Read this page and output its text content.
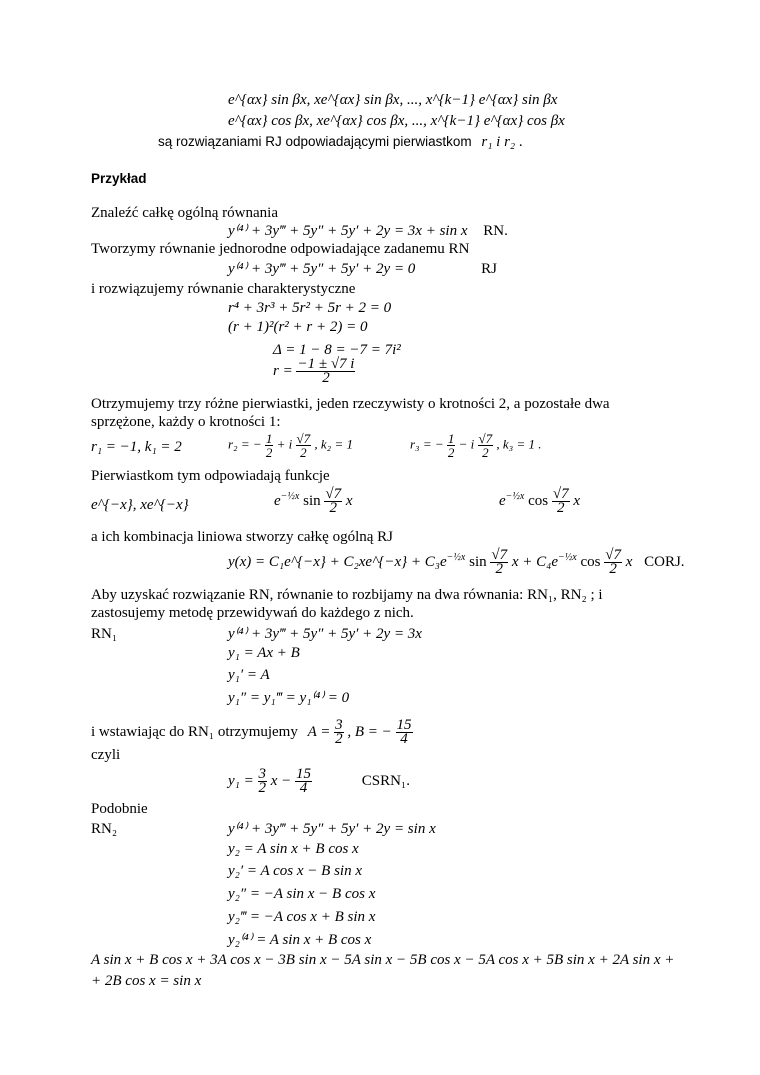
e^{αx} sin βx, xe^{αx} sin βx, ..., x^{k−1} e^{αx} sin βx
e^{αx} cos βx, xe^{αx} cos βx, ..., x^{k−1} e^{αx} cos βx
są rozwiązaniami RJ odpowiadającymi pierwiastkom r₁ i r₂ .
Przykład
Znaleźć całkę ogólną równania
y⁽⁴⁾ + 3y‴ + 5y″ + 5y′ + 2y = 3x + sin x RN.
Tworzymy równanie jednorodne odpowiadające zadanemu RN
y⁽⁴⁾ + 3y‴ + 5y″ + 5y′ + 2y = 0	RJ
i rozwiązujemy równanie charakterystyczne
r⁴ + 3r³ + 5r² + 5r + 2 = 0
(r + 1)²(r² + r + 2) = 0
Δ = 1 − 8 = −7 = 7i²
$r = \frac{-1 \pm √7 i}{2}$
Otrzymujemy trzy różne pierwiastki, jeden rzeczywisty o krotności 2, a pozostałe dwa
sprzężone, każdy o krotności 1:
r₁ = −1, k₁ = 2	r₂ = − $\frac{1}{2} + i \frac{√7}{2}$ , k₂ = 1	r₃ = − $\frac{1}{2} - i \frac{√7}{2}$ , k₃ = 1 .
Pierwiastkom tym odpowiadają funkcje
e^{−x}, xe^{−x}	$e^{-\frac{1}{2}x}$ $\sin \frac{√7}{2}$ x	$e^{-\frac{1}{2}x}$ $\cos \frac{√7}{2}$ x
a ich kombinacja liniowa stworzy całkę ogólną RJ
y(x) = C₁e^{−x} + C₂xe^{−x} + $C_3e^{-\frac{1}{2}x}$ $\sin \frac{√7}{2}$ $x + C_4e^{-\frac{1}{2}x}$ $\cos \frac{√7}{2}$ x CORJ.
Aby uzyskać rozwiązanie RN, równanie to rozbijamy na dwa równania: RN₁, RN₂ ; i
zastosujemy metodę przewidywań do każdego z nich.
RN₁	y⁽⁴⁾ + 3y‴ + 5y″ + 5y′ + 2y = 3x
y₁ = Ax + B
y₁′ = A
y₁″ = y₁‴ = y₁⁽⁴⁾ = 0
i wstawiając do RN₁ otrzymujemy $A = \frac{3}{2}$ , B = − $\frac{15}{4}$
czyli
$y_1 = \frac{3}{2}$ $x - \frac{15}{4}$	CSRN₁.
Podobnie
RN₂	y⁽⁴⁾ + 3y‴ + 5y″ + 5y′ + 2y = sin x
y₂ = A sin x + B cos x
y₂′ = A cos x − B sin x
y₂″ = −A sin x − B cos x
y₂‴ = −A cos x + B sin x
y₂⁽⁴⁾ = A sin x + B cos x
A sin x + B cos x + 3A cos x − 3B sin x − 5A sin x − 5B cos x − 5A cos x + 5B sin x + 2A sin x +
+ 2B cos x = sin x
